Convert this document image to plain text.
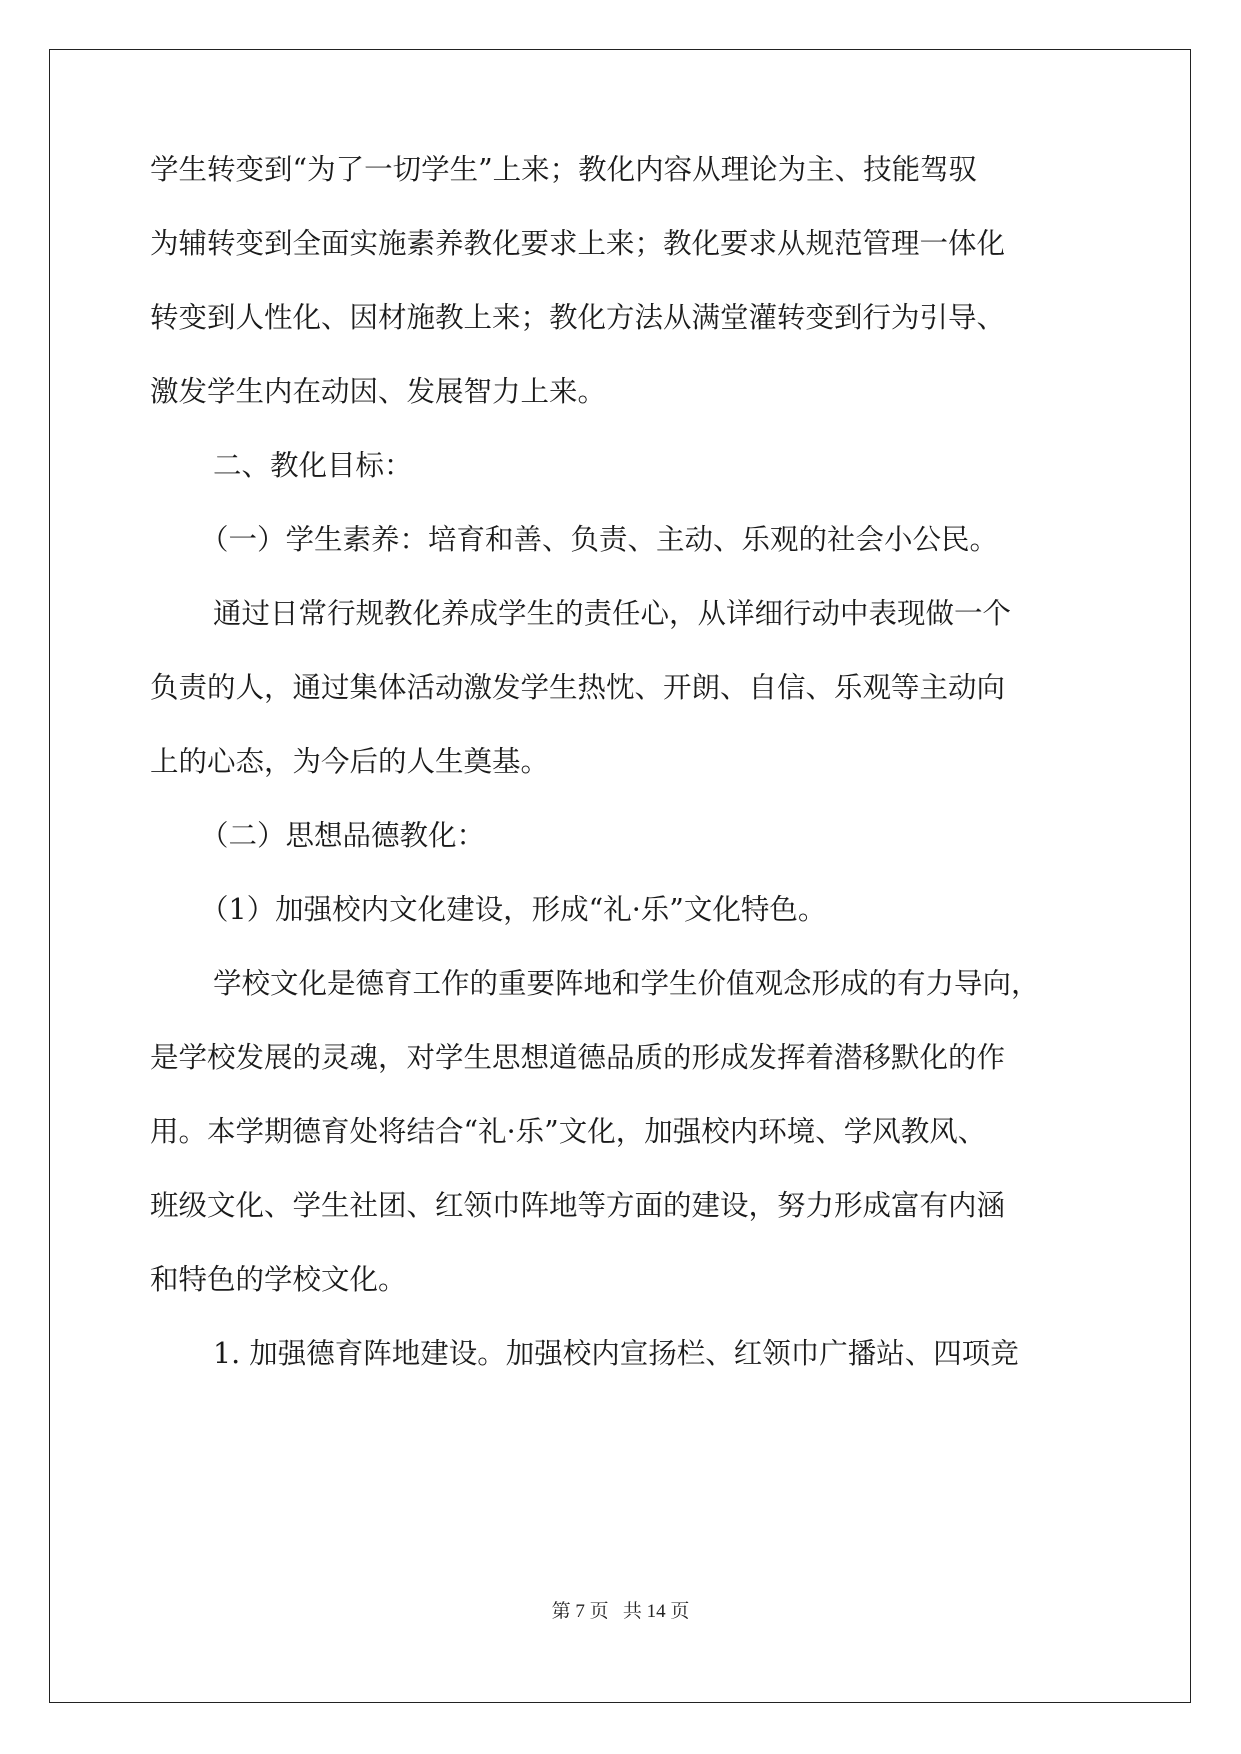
学生转变到“为了一切学生”上来；教化内容从理论为主、技能驾驭

为辅转变到全面实施素养教化要求上来；教化要求从规范管理一体化

转变到人性化、因材施教上来；教化方法从满堂灌转变到行为引导、

激发学生内在动因、发展智力上来。

二、教化目标：

（一）学生素养：培育和善、负责、主动、乐观的社会小公民。

通过日常行规教化养成学生的责任心，从详细行动中表现做一个

负责的人，通过集体活动激发学生热忱、开朗、自信、乐观等主动向

上的心态，为今后的人生奠基。

（二）思想品德教化：

（1）加强校内文化建设，形成“礼·乐”文化特色。

学校文化是德育工作的重要阵地和学生价值观念形成的有力导向，

是学校发展的灵魂，对学生思想道德品质的形成发挥着潜移默化的作

用。本学期德育处将结合“礼·乐”文化，加强校内环境、学风教风、

班级文化、学生社团、红领巾阵地等方面的建设，努力形成富有内涵

和特色的学校文化。

1. 加强德育阵地建设。加强校内宣扬栏、红领巾广播站、四项竞

第 7 页   共 14 页
